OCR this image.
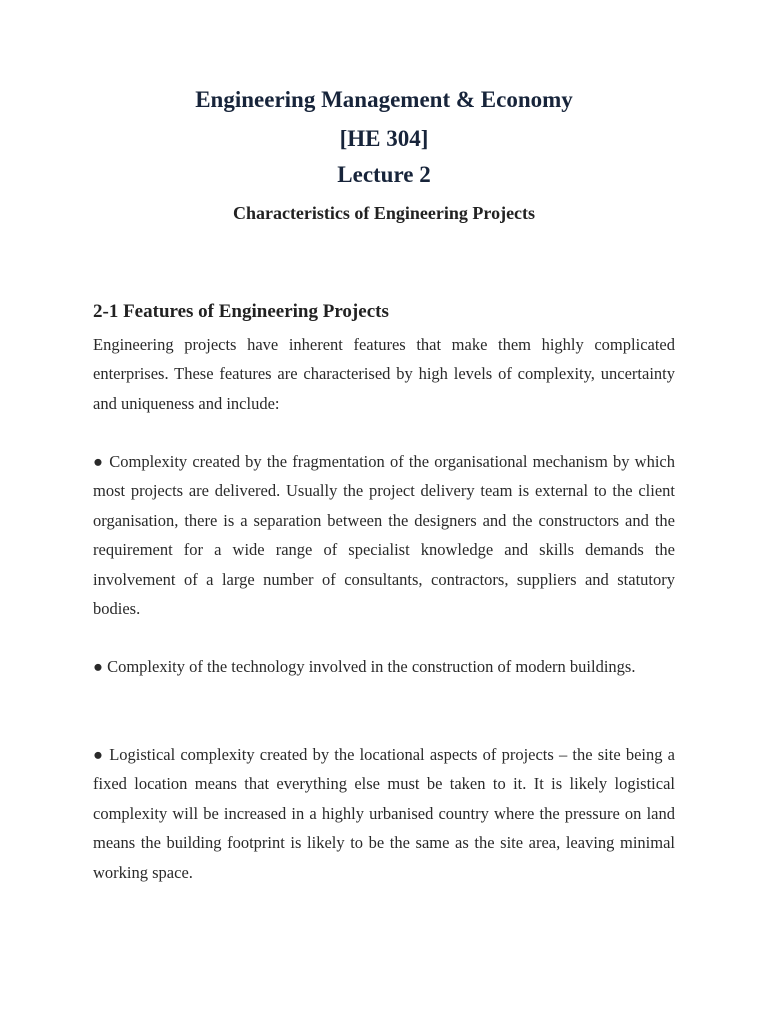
Engineering Management & Economy
[HE 304]
Lecture 2
Characteristics of Engineering Projects
2-1 Features of Engineering Projects

Engineering projects have inherent features that make them highly complicated enterprises. These features are characterised by high levels of complexity, uncertainty and uniqueness and include:

● Complexity created by the fragmentation of the organisational mechanism by which most projects are delivered. Usually the project delivery team is external to the client organisation, there is a separation between the designers and the constructors and the requirement for a wide range of specialist knowledge and skills demands the involvement of a large number of consultants, contractors, suppliers and statutory bodies.

● Complexity of the technology involved in the construction of modern buildings.

● Logistical complexity created by the locational aspects of projects – the site being a fixed location means that everything else must be taken to it. It is likely logistical complexity will be increased in a highly urbanised country where the pressure on land means the building footprint is likely to be the same as the site area, leaving minimal working space.
